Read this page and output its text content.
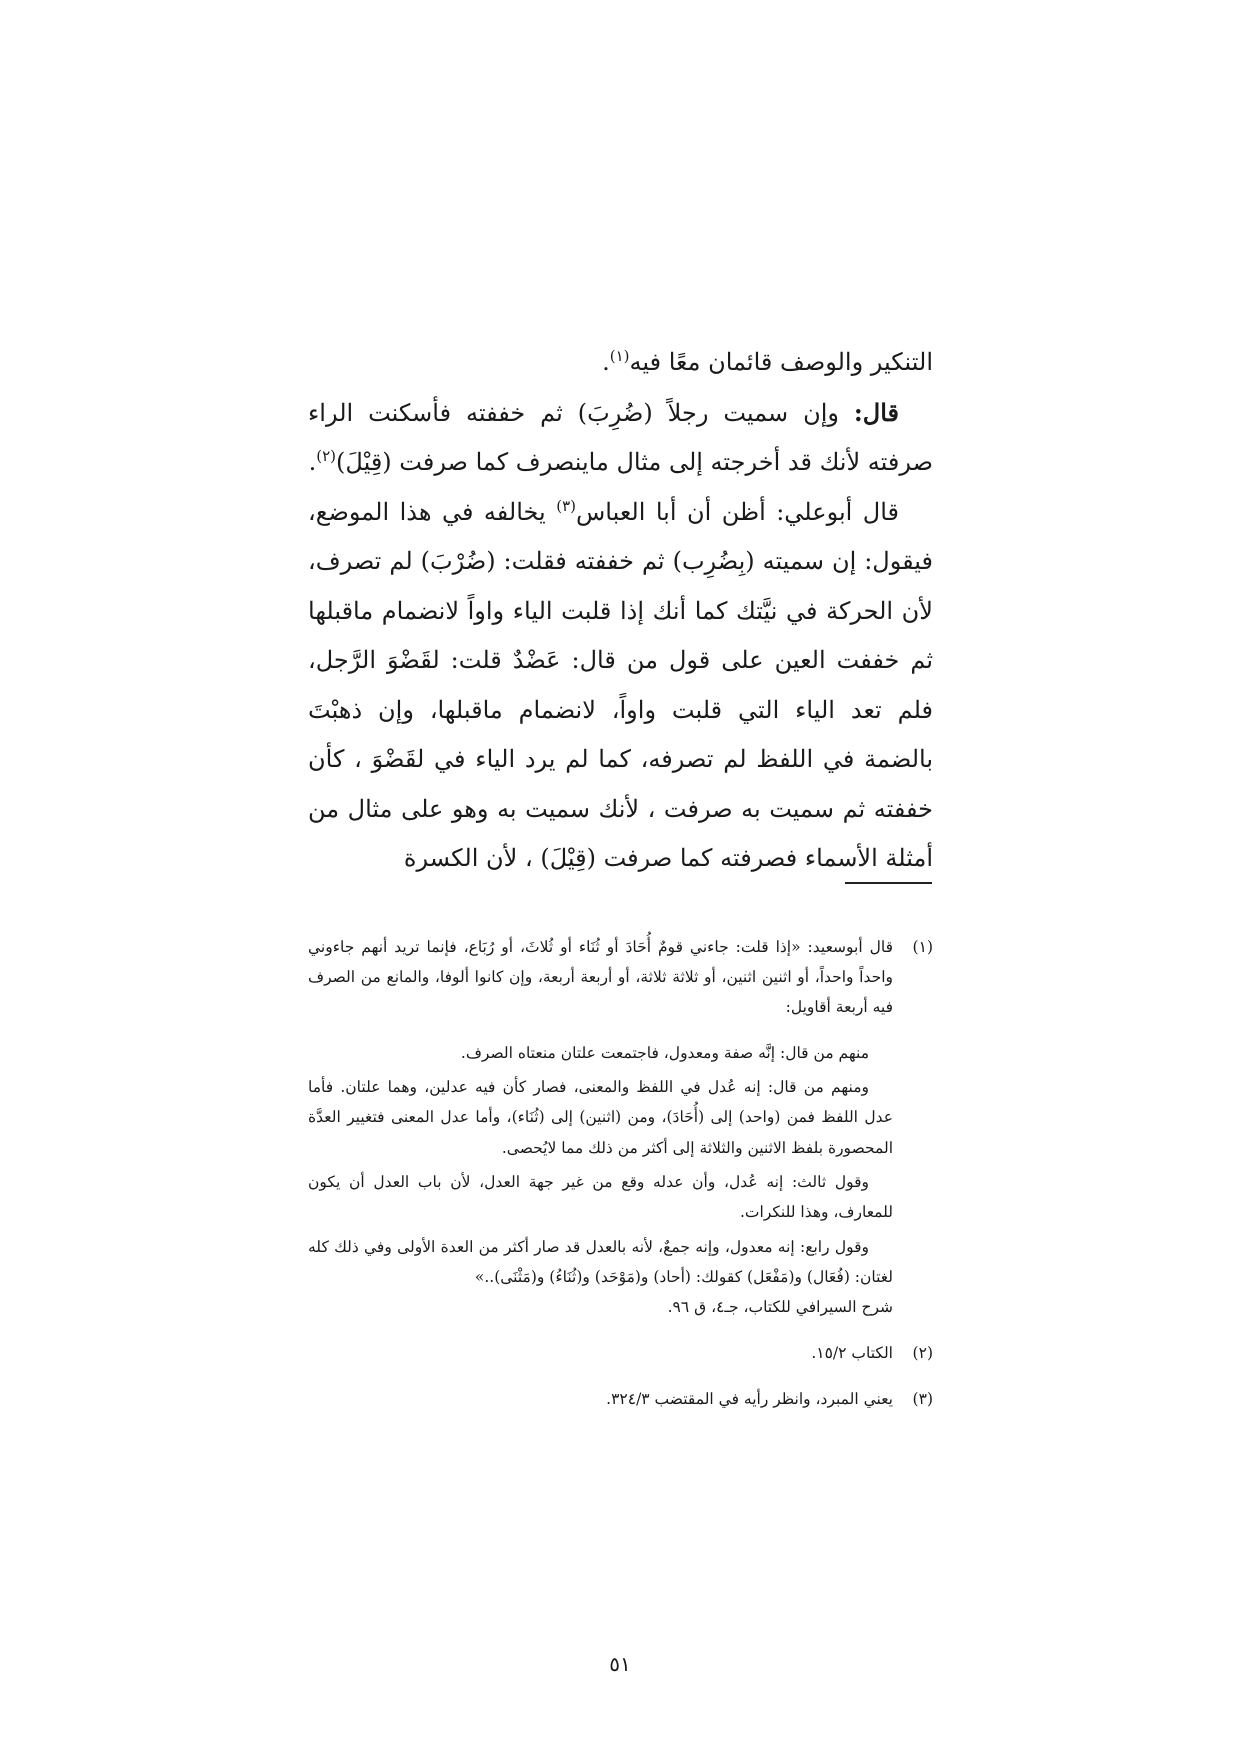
التنكير والوصف قائمان معًا فيه$^{(١)}$.

قال: وإن سميت رجلاً (ضُرِبَ) ثم خففته فأسكنت الراء صرفته لأنك قد أخرجته إلى مثال ماينصرف كما صرفت (قِيْلَ)$^{(٢)}$.

قال أبوعلي: أظن أن أبا العباس$^{(٣)}$ يخالفه في هذا الموضع، فيقول: إن سميته (بِضُرِب) ثم خففته فقلت: (ضُرْبَ) لم تصرف، لأن الحركة في نيَّتك كما أنك إذا قلبت الياء واواً لانضمام ماقبلها ثم خففت العين على قول من قال: عَضْدٌ قلت: لقَضْوَ الرَّجل، فلم تعد الياء التي قلبت واواً، لانضمام ماقبلها، وإن ذهبْتَ بالضمة في اللفظ لم تصرفه، كما لم يرد الياء في لقَضْوَ ، كأن خففته ثم سميت به صرفت ، لأنك سميت به وهو على مثال من أمثلة الأسماء فصرفته كما صرفت (قِيْلَ) ، لأن الكسرة

(١)

قال أبوسعيد: «إذا قلت: جاءني قومٌ أُحَادَ أو ثُنَاء أو ثُلاثَ، أو رُبَاع، فإنما تريد أنهم جاءوني واحداً واحداً، أو اثنين اثنين، أو ثلاثة ثلاثة، أو أربعة أربعة، وإن كانوا ألوفا، والمانع من الصرف فيه أربعة أقاويل:

منهم من قال: إنَّه صفة ومعدول، فاجتمعت علتان منعتاه الصرف.

ومنهم من قال: إنه عُدل في اللفظ والمعنى، فصار كأن فيه عدلين، وهما علتان. فأما عدل اللفظ فمن (واحد) إلى (أُحَادَ)، ومن (اثنين) إلى (ثُنَاء)، وأما عدل المعنى فتغيير العدَّة المحصورة بلفظ الاثنين والثلاثة إلى أكثر من ذلك مما لايُحصى.

وقول ثالث: إنه عُدل، وأن عدله وقع من غير جهة العدل، لأن باب العدل أن يكون للمعارف، وهذا للنكرات.

وقول رابع: إنه معدول، وإنه جمعٌ، لأنه بالعدل قد صار أكثر من العدة الأولى وفي ذلك كله لغتان: (فُعَال) و(مَفْعَل) كقولك: (أحاد) و(مَوْحَد) و(ثُنَاءُ) و(مَثْنَى)..»

شرح السيرافي للكتاب، جـ٤، ق ٩٦.

(٢)

الكتاب ١٥/٢.

(٣)

يعني المبرد، وانظر رأيه في المقتضب ٣٢٤/٣.

٥١
